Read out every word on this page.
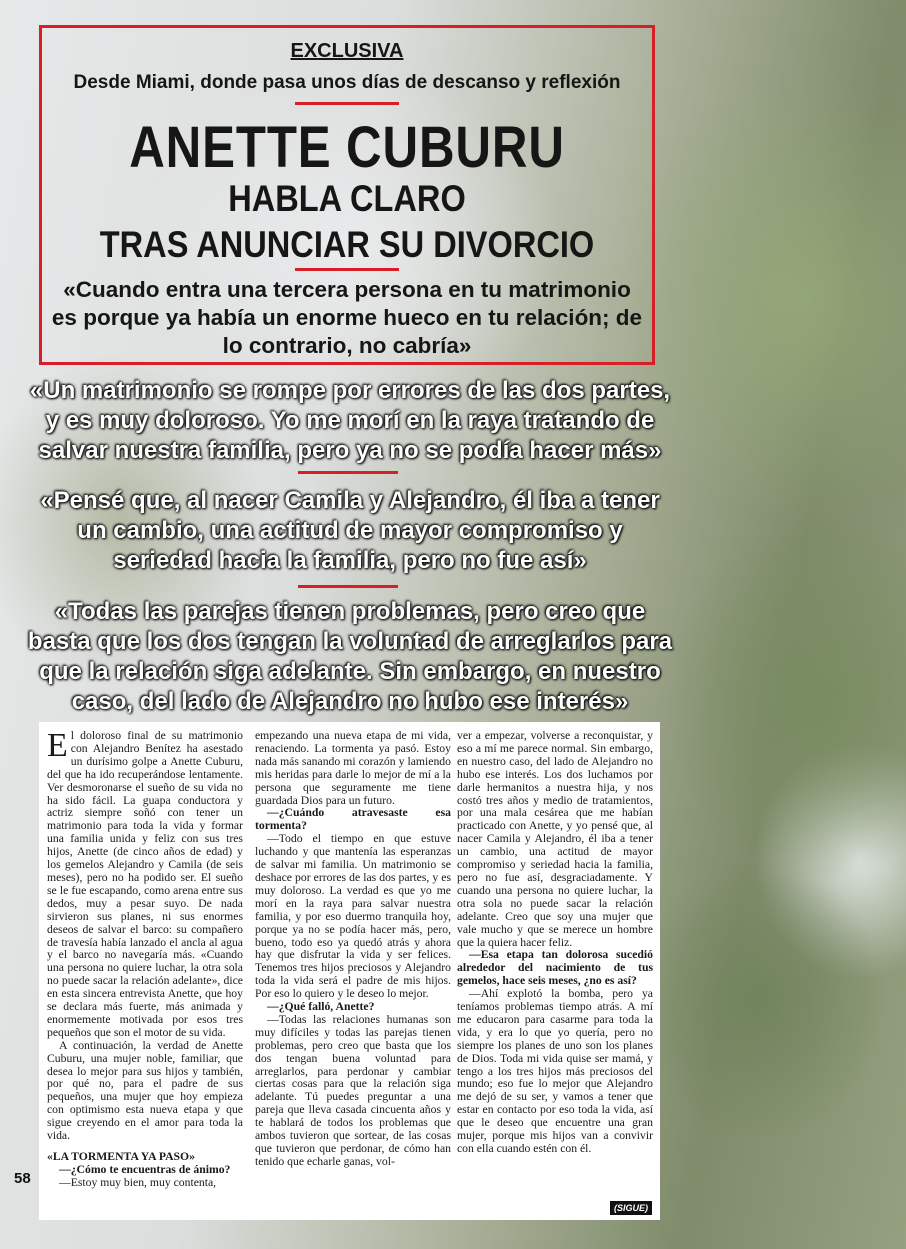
EXCLUSIVA
Desde Miami, donde pasa unos días de descanso y reflexión
ANETTE CUBURU
HABLA CLARO
TRAS ANUNCIAR SU DIVORCIO
«Cuando entra una tercera persona en tu matrimonio es porque ya había un enorme hueco en tu relación; de lo contrario, no cabría»
«Un matrimonio se rompe por errores de las dos partes, y es muy doloroso. Yo me morí en la raya tratando de salvar nuestra familia, pero ya no se podía hacer más»
«Pensé que, al nacer Camila y Alejandro, él iba a tener un cambio, una actitud de mayor compromiso y seriedad hacia la familia, pero no fue así»
«Todas las parejas tienen problemas, pero creo que basta que los dos tengan la voluntad de arreglarlos para que la relación siga adelante. Sin embargo, en nuestro caso, del lado de Alejandro no hubo ese interés»

El doloroso final de su matrimonio con Alejandro Benítez ha asestado un durísimo golpe a Anette Cuburu, del que ha ido recuperándose lentamente. Ver desmoronarse el sueño de su vida no ha sido fácil. La guapa conductora y actriz siempre soñó con tener un matrimonio para toda la vida y formar una familia unida y feliz con sus tres hijos, Anette (de cinco años de edad) y los gemelos Alejandro y Camila (de seis meses), pero no ha podido ser. El sueño se le fue escapando, como arena entre sus dedos, muy a pesar suyo. De nada sirvieron sus planes, ni sus enormes deseos de salvar el barco: su compañero de travesía había lanzado el ancla al agua y el barco no navegaría más. «Cuando una persona no quiere luchar, la otra sola no puede sacar la relación adelante», dice en esta sincera entrevista Anette, que hoy se declara más fuerte, más animada y enormemente motivada por esos tres pequeños que son el motor de su vida.

A continuación, la verdad de Anette Cuburu, una mujer noble, familiar, que desea lo mejor para sus hijos y también, por qué no, para el padre de sus pequeños, una mujer que hoy empieza con optimismo esta nueva etapa y que sigue creyendo en el amor para toda la vida.

«LA TORMENTA YA PASO»

—¿Cómo te encuentras de ánimo?

—Estoy muy bien, muy contenta,

empezando una nueva etapa de mi vida, renaciendo. La tormenta ya pasó. Estoy nada más sanando mi corazón y lamiendo mis heridas para darle lo mejor de mí a la persona que seguramente me tiene guardada Dios para un futuro.

—¿Cuándo atravesaste esa tormenta?

—Todo el tiempo en que estuve luchando y que mantenía las esperanzas de salvar mi familia. Un matrimonio se deshace por errores de las dos partes, y es muy doloroso. La verdad es que yo me morí en la raya para salvar nuestra familia, y por eso duermo tranquila hoy, porque ya no se podía hacer más, pero, bueno, todo eso ya quedó atrás y ahora hay que disfrutar la vida y ser felices. Tenemos tres hijos preciosos y Alejandro toda la vida será el padre de mis hijos. Por eso lo quiero y le deseo lo mejor.

—¿Qué falló, Anette?

—Todas las relaciones humanas son muy difíciles y todas las parejas tienen problemas, pero creo que basta que los dos tengan buena voluntad para arreglarlos, para perdonar y cambiar ciertas cosas para que la relación siga adelante. Tú puedes preguntar a una pareja que lleva casada cincuenta años y te hablará de todos los problemas que ambos tuvieron que sortear, de las cosas que tuvieron que perdonar, de cómo han tenido que echarle ganas, vol-

ver a empezar, volverse a reconquistar, y eso a mí me parece normal. Sin embargo, en nuestro caso, del lado de Alejandro no hubo ese interés. Los dos luchamos por darle hermanitos a nuestra hija, y nos costó tres años y medio de tratamientos, por una mala cesárea que me habían practicado con Anette, y yo pensé que, al nacer Camila y Alejandro, él iba a tener un cambio, una actitud de mayor compromiso y seriedad hacia la familia, pero no fue así, desgraciadamente. Y cuando una persona no quiere luchar, la otra sola no puede sacar la relación adelante. Creo que soy una mujer que vale mucho y que se merece un hombre que la quiera hacer feliz.

—Esa etapa tan dolorosa sucedió alrededor del nacimiento de tus gemelos, hace seis meses, ¿no es así?

—Ahí explotó la bomba, pero ya teníamos problemas tiempo atrás. A mí me educaron para casarme para toda la vida, y era lo que yo quería, pero no siempre los planes de uno son los planes de Dios. Toda mi vida quise ser mamá, y tengo a los tres hijos más preciosos del mundo; eso fue lo mejor que Alejandro me dejó de su ser, y vamos a tener que estar en contacto por eso toda la vida, así que le deseo que encuentre una gran mujer, porque mis hijos van a convivir con ella cuando estén con él.

58
(SIGUE)
